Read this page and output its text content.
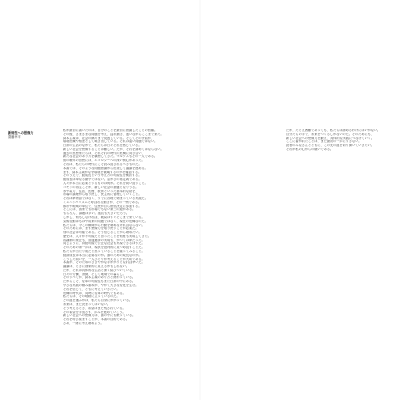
新規性への想像力
齋藤幸平
私が最初に書いたのは、自分のことを最初に意識したことの回顧。
その後、さまざまな問題を考え、揺れ動き、迷いながらここまで来た。
資本主義は、社会の隅々まで浸透している。そしてその矛盾が、
環境危機や格差として噴き出している。それは遠い問題ではない。
日常の生活のなかで、私たちは日々それを感じている。
新しい社会を想像することは難しい。だが、それを諦めてはならない。
過去の思想家たちは、それぞれの時代の危機に向き合い、
新たな社会のあり方を構想してきた。マルクスもその一人である。
彼の晩年の思想には、エコロジーへの深い関心があった。
それは、私たちの時代にこそ読み直されるべきものだ。
本書では、そのような問題意識から出発して議論を進める。
まず、資本主義がなぜ環境を破壊するのかを確認する。
そのうえで、脱成長という考え方の可能性を検討する。
脱成長は単なる縮小ではない。豊かさの再定義である。
人々が本当に必要とするものは何か。それを問い直すこと。
コモンの再生こそが、新しい社会の基盤となりうる。
水や電力、住居、医療、教育といった基本的な財を、
市場の論理から取り戻し、民主的に管理していくこと。
それは夢物語ではなく、すでに各地で始まっている実践だ。
ミュニシパリズムと呼ばれる動きが、その一例である。
都市や地域の単位で、住民が自ら意思決定に参加する。
そこには、国家でも市場でもない第三の道がある。
もちろん、課題は多い。抵抗も大きいだろう。
しかし、何もしなければ、破局はすぐそこまで来ている。
気候変動はもはや将来の問題ではなく、現在の危機なのだ。
私たちは、今この瞬間から行動を始めなければならない。
そのためには、まず想像力を取り戻すことが必要だ。
別の社会は可能である。そう信じることから始めたい。
歴史は、人々が不可能だと思ったことを何度も実現してきた。
奴隷制の廃止も、普通選挙の実現も、かつては夢だった。
同じように、持続可能で公正な社会も実現できるはずだ。
そのための第一歩は、現状を批判的に見つめ直すことだ。
私たちが当たり前だと思っていることを疑ってみること。
経済成長は本当に必要なのか。誰のための成長なのか。
こうした問いを、一人ひとりが考えることが大切である。
本書が、そのためのささやかな手がかりとなれば幸いだ。
議論は、ときに抽象的に見えるかもしれない。
だが、それは具体的な生活と深く結びついている。
日々の労働、消費、そして地域での暮らし。
そのすべてが、資本主義のあり方と関わっている。
だからこそ、変革の可能性もまた日常の中にある。
小さな実践の積み重ねが、やがて大きな変化を生む。
それを信じて、ともに考えていきたい。
危機の時代は、同時に変革の時代でもある。
私たちは、その岐路に立っているのだ。
どの道を選ぶかは、私たち自身にかかっている。
未来は、まだ決まってはいない。
そう考えるとき、希望はまだ残されている。
その希望を手放さず、歩みを進めていこう。
新しい社会への想像力は、誰の中にも眠っている。
それを呼び覚ますことが、本書の目的である。
さあ、一緒に考え始めよう。
だが、たとえ困難であっても、私たちは諦めるわけにはいかない。
自分たちの手で、未来をつくるしかないのだ。そのためにも、
新しい社会への想像力を鍛え、具体的な実践につなげていく。
ここに書かれたことは、まだ最初の一歩にすぎない。
読者のみなさんとともに、この先の道を切り開いていきたい。
それが私の心からの願いである。
